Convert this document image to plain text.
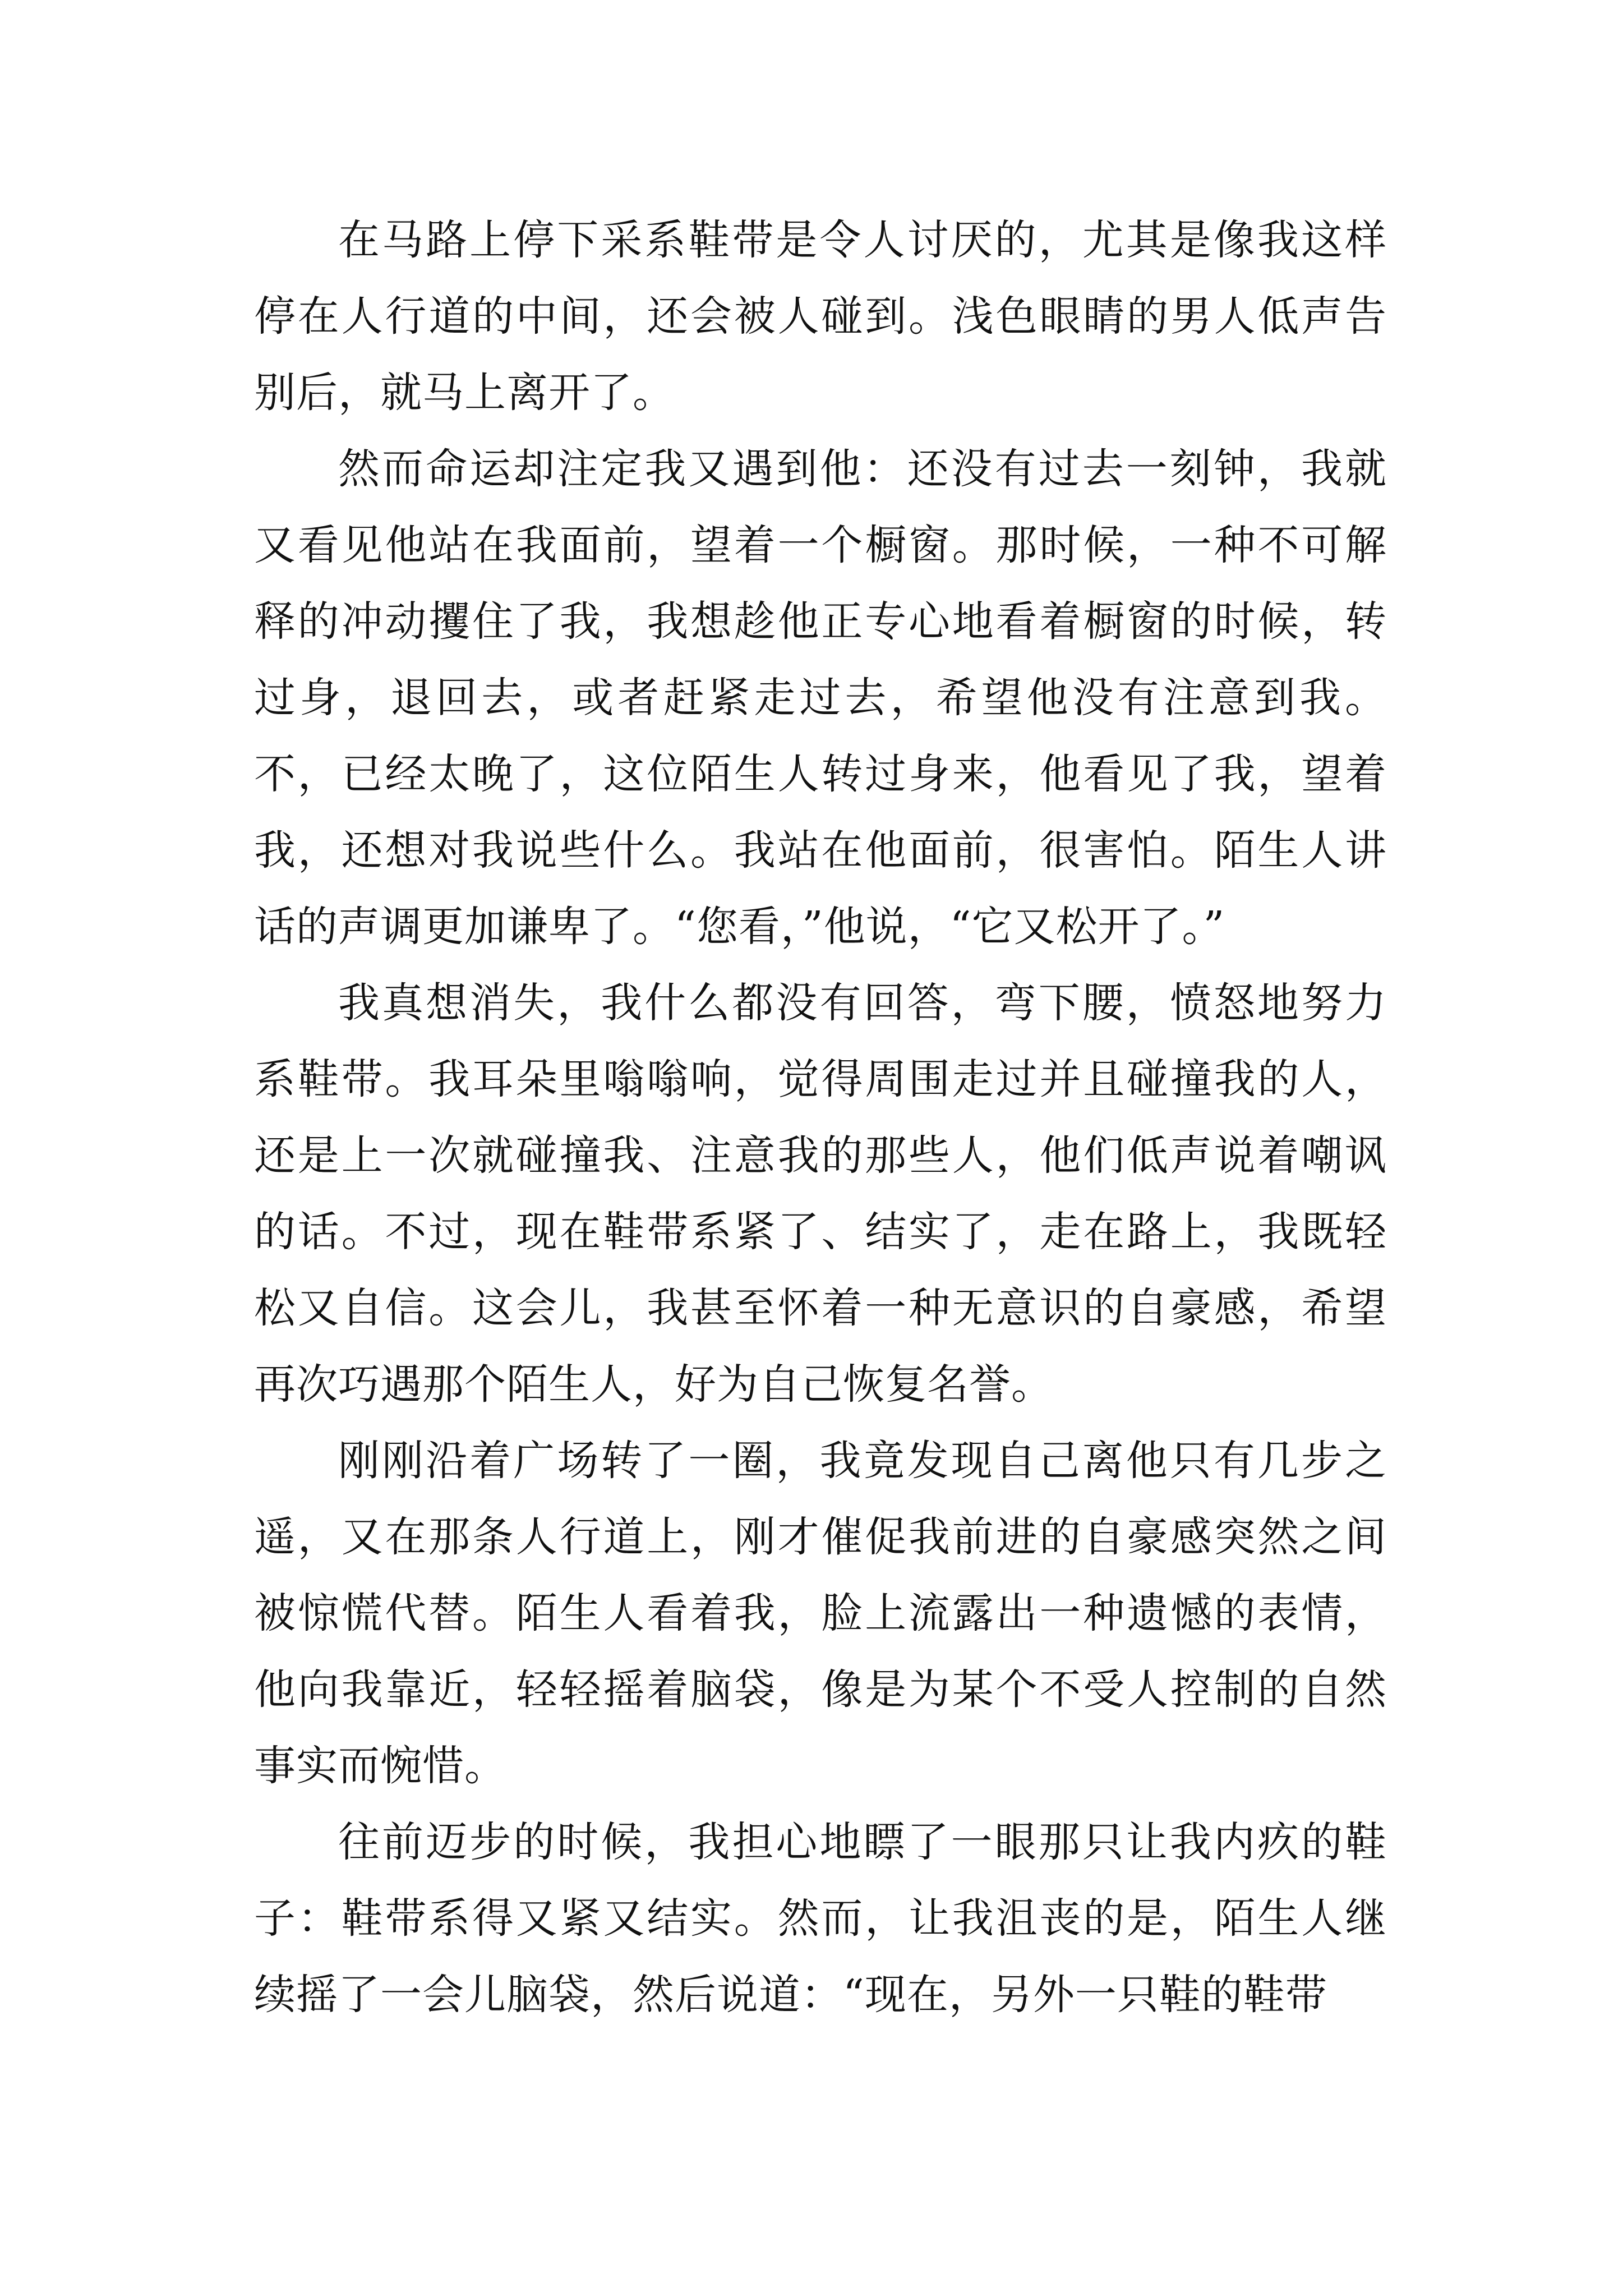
在马路上停下采系鞋带是令人讨厌的，尤其是像我这样停在人行道的中间，还会被人碰到。浅色眼睛的男人低声告别后，就马上离开了。

然而命运却注定我又遇到他：还没有过去一刻钟，我就又看见他站在我面前，望着一个橱窗。那时候，一种不可解释的冲动攫住了我，我想趁他正专心地看着橱窗的时候，转过身，退回去，或者赶紧走过去，希望他没有注意到我。不，已经太晚了，这位陌生人转过身来，他看见了我，望着我，还想对我说些什么。我站在他面前，很害怕。陌生人讲话的声调更加谦卑了。“您看，”他说，“它又松开了。”

我真想消失，我什么都没有回答，弯下腰，愤怒地努力系鞋带。我耳朵里嗡嗡响，觉得周围走过并且碰撞我的人，还是上一次就碰撞我、注意我的那些人，他们低声说着嘲讽的话。不过，现在鞋带系紧了、结实了，走在路上，我既轻松又自信。这会儿，我甚至怀着一种无意识的自豪感，希望再次巧遇那个陌生人，好为自己恢复名誉。

刚刚沿着广场转了一圈，我竟发现自己离他只有几步之遥，又在那条人行道上，刚才催促我前进的自豪感突然之间被惊慌代替。陌生人看着我，脸上流露出一种遗憾的表情，他向我靠近，轻轻摇着脑袋，像是为某个不受人控制的自然事实而惋惜。

往前迈步的时候，我担心地瞟了一眼那只让我内疚的鞋子：鞋带系得又紧又结实。然而，让我沮丧的是，陌生人继续摇了一会儿脑袋，然后说道：“现在，另外一只鞋的鞋带
